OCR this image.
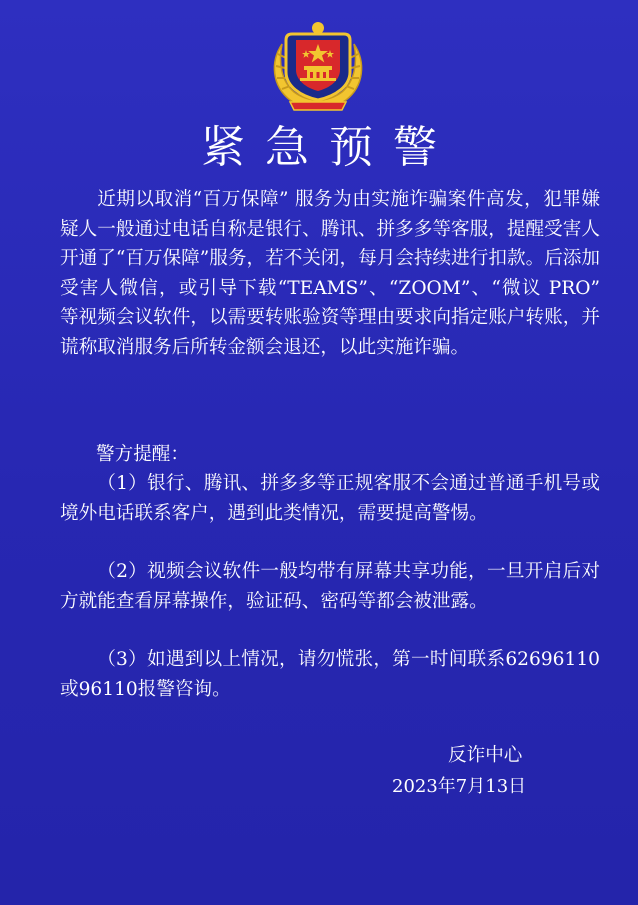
紧急预警

近期以取消“百万保障” 服务为由实施诈骗案件高发，犯罪嫌疑人一般通过电话自称是银行、腾讯、拼多多等客服，提醒受害人开通了“百万保障”服务，若不关闭，每月会持续进行扣款。后添加受害人微信，或引导下载“TEAMS”、“ZOOM”、“微议 PRO” 等视频会议软件，以需要转账验资等理由要求向指定账户转账，并谎称取消服务后所转金额会退还，以此实施诈骗。

警方提醒：

（1）银行、腾讯、拼多多等正规客服不会通过普通手机号或境外电话联系客户，遇到此类情况，需要提高警惕。

（2）视频会议软件一般均带有屏幕共享功能，一旦开启后对方就能查看屏幕操作，验证码、密码等都会被泄露。

（3）如遇到以上情况，请勿慌张，第一时间联系62696110或96110报警咨询。

反诈中心
2023年7月13日
